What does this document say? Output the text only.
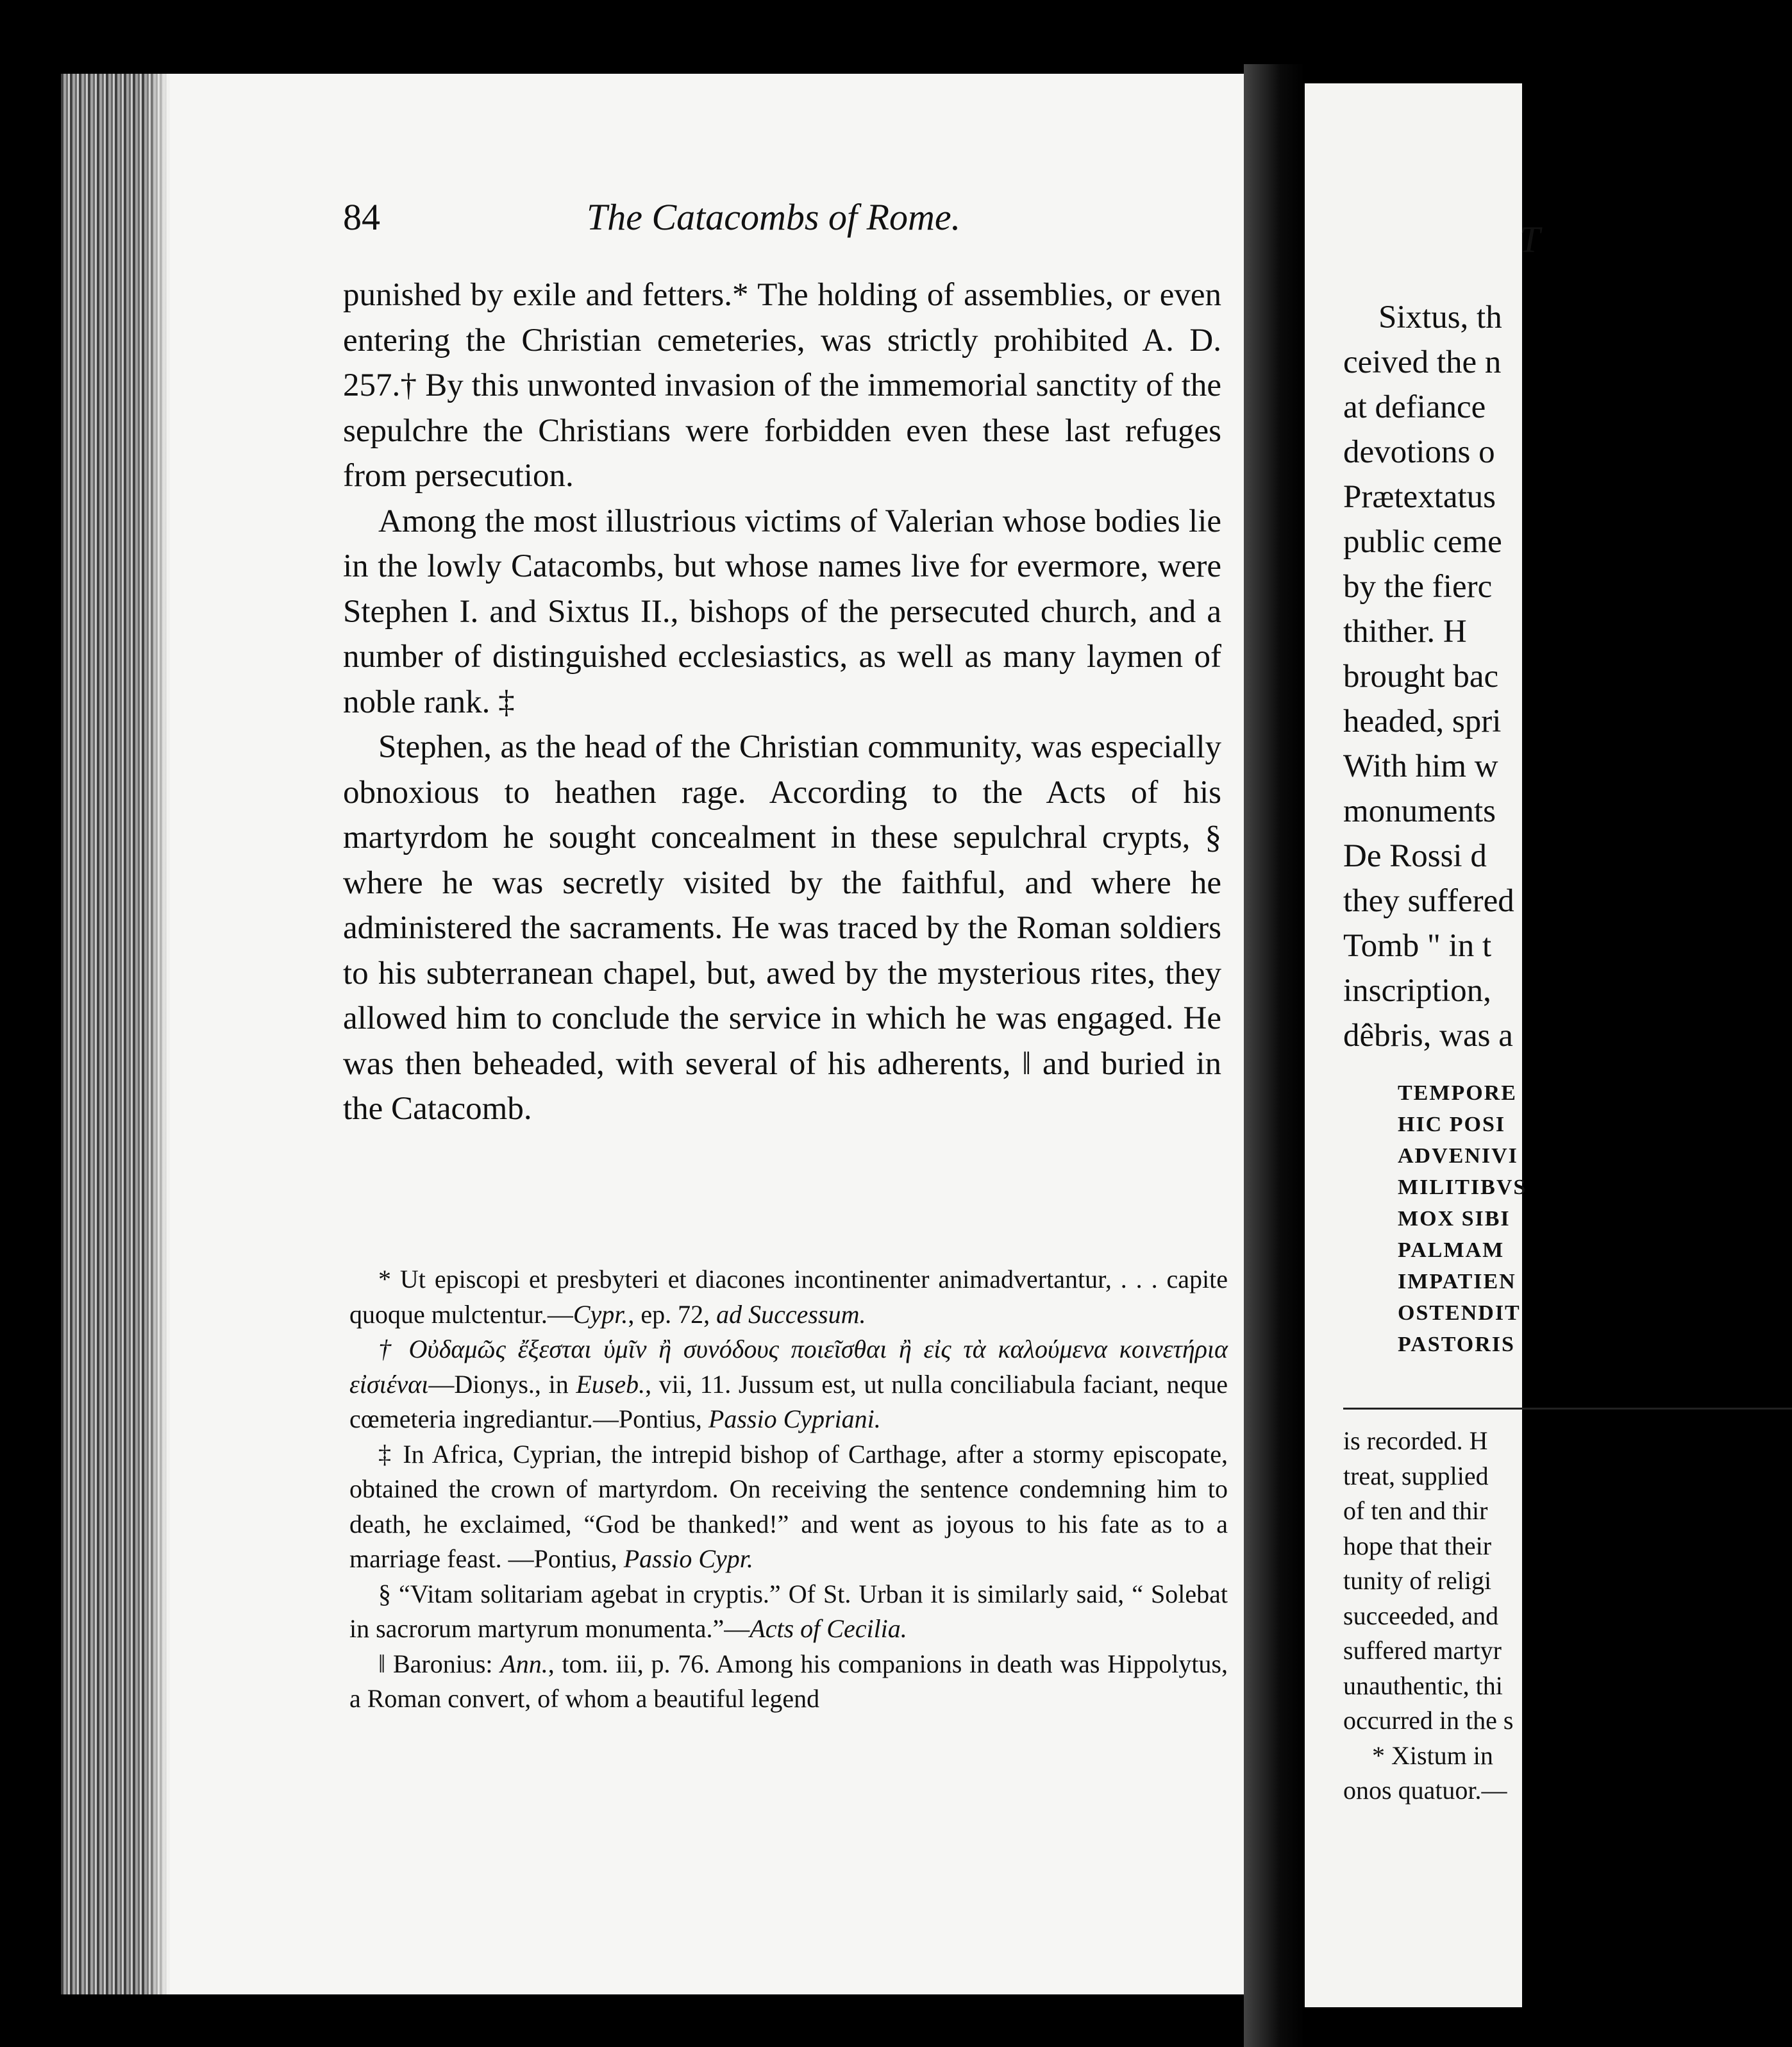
84	The Catacombs of Rome.

punished by exile and fetters.* The holding of assemblies, or even entering the Christian cemeteries, was strictly prohibited A. D. 257.† By this unwonted invasion of the immemorial sanctity of the sepulchre the Christians were forbidden even these last refuges from persecution.

Among the most illustrious victims of Valerian whose bodies lie in the lowly Catacombs, but whose names live for evermore, were Stephen I. and Sixtus II., bishops of the persecuted church, and a number of distinguished ecclesiastics, as well as many laymen of noble rank. ‡

Stephen, as the head of the Christian community, was especially obnoxious to heathen rage. According to the Acts of his martyrdom he sought concealment in these sepulchral crypts, § where he was secretly visited by the faithful, and where he administered the sacraments. He was traced by the Roman soldiers to his subterranean chapel, but, awed by the mysterious rites, they allowed him to conclude the service in which he was engaged. He was then beheaded, with several of his adherents, ‖ and buried in the Catacomb.

* Ut episcopi et presbyteri et diacones incontinenter animadvertantur, . . . capite quoque mulctentur.—Cypr., ep. 72, ad Successum.

† Οὐδαμῶς ἔξεσται ὑμῖν ἢ συνόδους ποιεῖσθαι ἢ εἰς τὰ καλούμενα κοινετήρια εἰσιέναι—Dionys., in Euseb., vii, 11. Jussum est, ut nulla conciliabula faciant, neque cœmeteria ingrediantur.—Pontius, Passio Cypriani.

‡ In Africa, Cyprian, the intrepid bishop of Carthage, after a stormy episcopate, obtained the crown of martyrdom. On receiving the sentence condemning him to death, he exclaimed, “God be thanked!” and went as joyous to his fate as to a marriage feast. —Pontius, Passio Cypr.

§ “Vitam solitariam agebat in cryptis.” Of St. Urban it is similarly said, “ Solebat in sacrorum martyrum monumenta.”—Acts of Cecilia.

‖ Baronius: Ann., tom. iii, p. 76. Among his companions in death was Hippolytus, a Roman convert, of whom a beautiful legend

T
Sixtus, th
ceived the n
at defiance
devotions o
Prætextatus
public ceme
by the fierc
thither. H
brought bac
headed, spri
With him w
monuments
De Rossi d
they suffered
Tomb " in t
inscription,
dêbris, was a
TEMPORE
HIC POSI
ADVENIVI
MILITIBVS
MOX SIBI
PALMAM
IMPATIEN
OSTENDIT
PASTORIS
is recorded. H
treat, supplied
of ten and thir
hope that their
tunity of religi
succeeded, and
suffered martyr
unauthentic, thi
occurred in the s
* Xistum in
onos quatuor.—
